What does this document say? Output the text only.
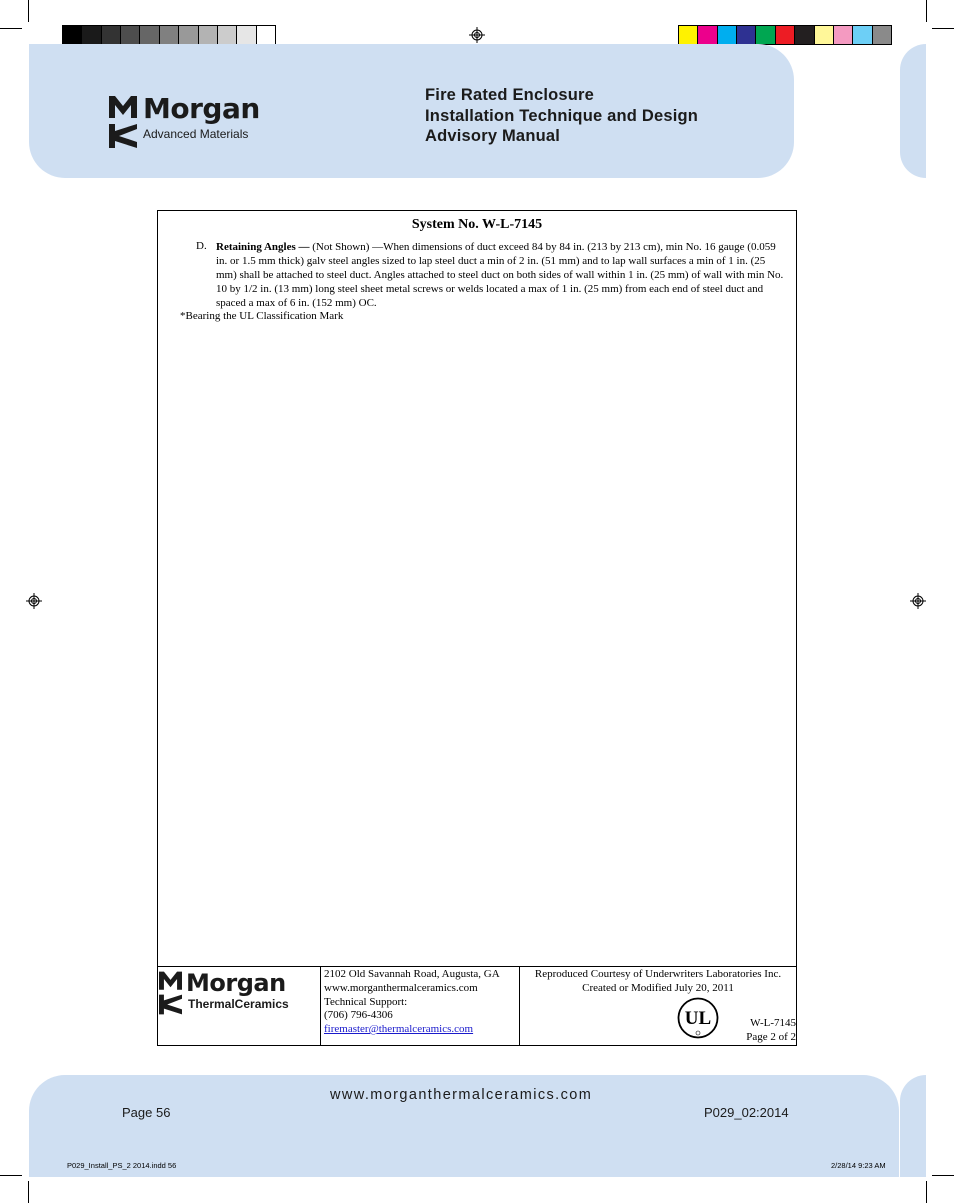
Morgan
Advanced Materials
Fire Rated Enclosure
Installation Technique and Design
Advisory Manual
System No. W-L-7145
D. Retaining Angles — (Not Shown) —When dimensions of duct exceed 84 by 84 in. (213 by 213 cm), min No. 16 gauge (0.059 in. or 1.5 mm thick) galv steel angles sized to lap steel duct a min of 2 in. (51 mm) and to lap wall surfaces a min of 1 in. (25 mm) shall be attached to steel duct. Angles attached to steel duct on both sides of wall within 1 in. (25 mm) of wall with min No. 10 by 1/2 in. (13 mm) long steel sheet metal screws or welds located a max of 1 in. (25 mm) from each end of steel duct and spaced a max of 6 in. (152 mm) OC.
*Bearing the UL Classification Mark
Morgan
ThermalCeramics
2102 Old Savannah Road, Augusta, GA
www.morganthermalceramics.com
Technical Support:
(706) 796-4306
firemaster@thermalceramics.com
Reproduced Courtesy of Underwriters Laboratories Inc.
Created or Modified July 20, 2011
UL	W-L-7145
Page 2 of 2
www.morganthermalceramics.com
Page 56	P029_02:2014
P029_Install_PS_2 2014.indd 56	2/28/14 9:23 AM
